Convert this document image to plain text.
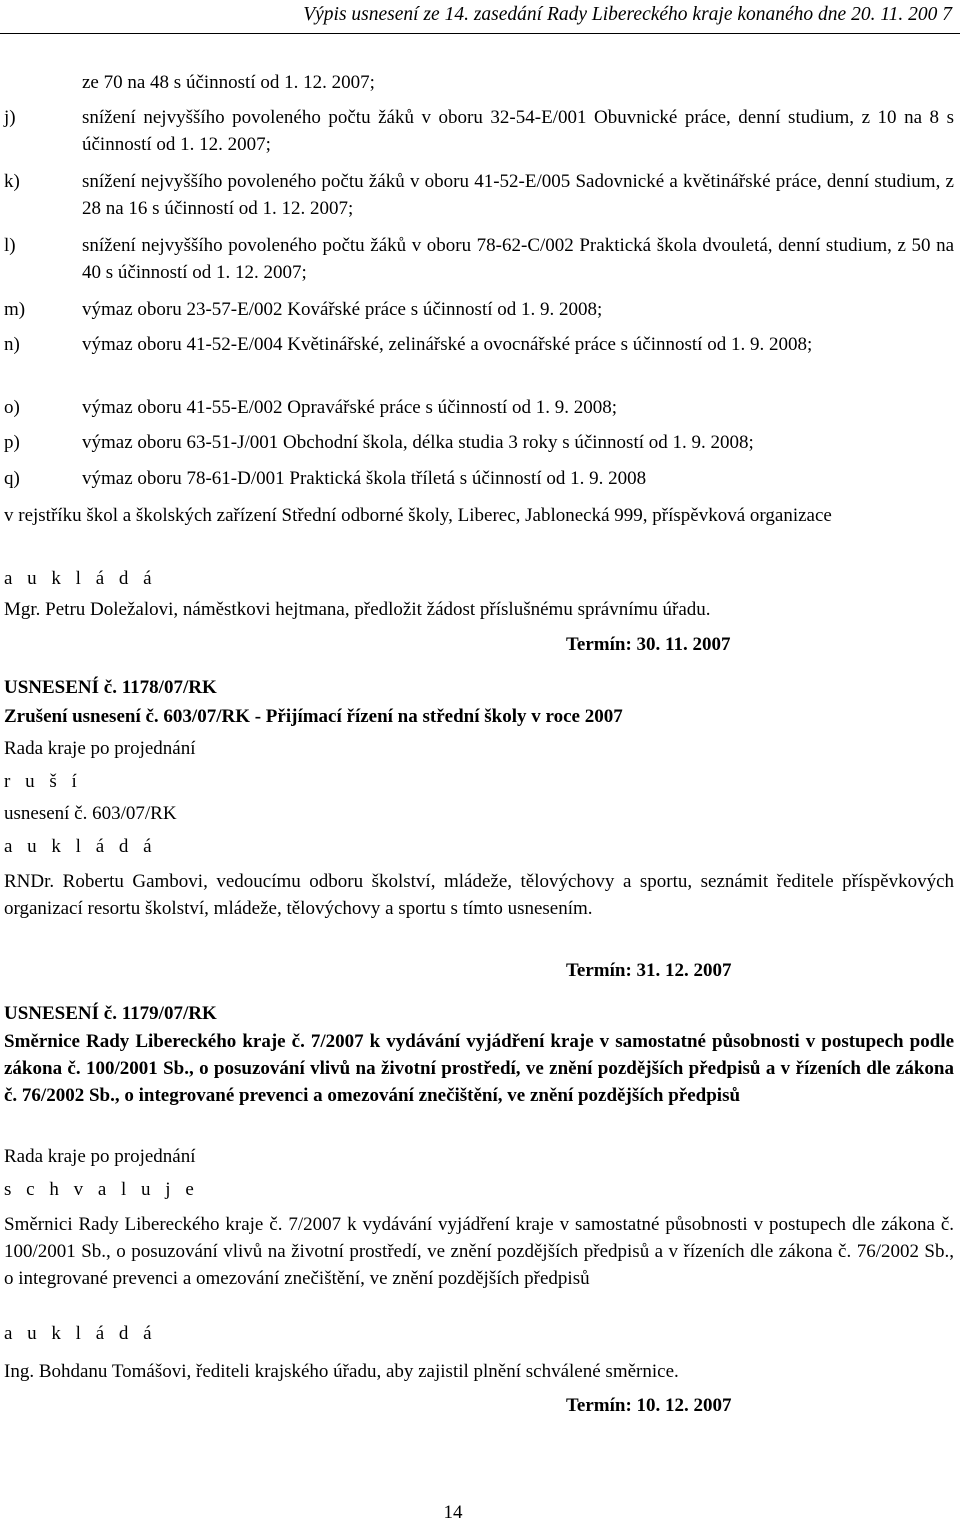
Výpis usnesení ze 14. zasedání Rady Libereckého kraje konaného dne 20. 11. 200 7
ze 70 na 48 s účinností od 1. 12. 2007;
j)	snížení nejvyššího povoleného počtu žáků v oboru 32-54-E/001 Obuvnické práce, denní studium, z 10 na 8 s účinností od 1. 12. 2007;
k)	snížení nejvyššího povoleného počtu žáků v oboru 41-52-E/005 Sadovnické a květinářské práce, denní studium, z 28 na 16 s účinností od 1. 12. 2007;
l)	snížení nejvyššího povoleného počtu žáků v oboru 78-62-C/002 Praktická škola dvouletá, denní studium, z 50 na 40 s účinností od 1. 12. 2007;
m)	výmaz oboru 23-57-E/002 Kovářské práce s účinností od 1. 9. 2008;
n)	výmaz oboru 41-52-E/004 Květinářské, zelinářské a ovocnářské práce s účinností od 1. 9. 2008;
o)	výmaz oboru 41-55-E/002 Opravářské práce s účinností od 1. 9. 2008;
p)	výmaz oboru 63-51-J/001 Obchodní škola, délka studia 3 roky s účinností od 1. 9. 2008;
q)	výmaz oboru 78-61-D/001 Praktická škola tříletá s účinností od 1. 9. 2008
v rejstříku škol a školských zařízení Střední odborné školy, Liberec, Jablonecká 999, příspěvková organizace
a u k l á d á
Mgr. Petru Doležalovi, náměstkovi hejtmana, předložit žádost příslušnému správnímu úřadu.
Termín: 30. 11. 2007
USNESENÍ č. 1178/07/RK
Zrušení usnesení č. 603/07/RK - Přijímací řízení na střední školy v roce 2007
Rada kraje po projednání
r u š í
usnesení č. 603/07/RK
a u k l á d á
RNDr. Robertu Gambovi, vedoucímu odboru školství, mládeže, tělovýchovy a sportu, seznámit ředitele příspěvkových organizací resortu školství, mládeže, tělovýchovy a sportu s tímto usnesením.
Termín: 31. 12. 2007
USNESENÍ č. 1179/07/RK
Směrnice Rady Libereckého kraje č. 7/2007 k vydávání vyjádření kraje v samostatné působnosti v postupech podle zákona č. 100/2001 Sb., o posuzování vlivů na životní prostředí, ve znění pozdějších předpisů a v řízeních dle zákona č. 76/2002 Sb., o integrované prevenci a omezování znečištění, ve znění pozdějších předpisů
Rada kraje po projednání
s c h v a l u j e
Směrnici Rady Libereckého kraje č. 7/2007 k vydávání vyjádření kraje v samostatné působnosti v postupech dle zákona č. 100/2001 Sb., o posuzování vlivů na životní prostředí, ve znění pozdějších předpisů a v řízeních dle zákona č. 76/2002 Sb., o integrované prevenci a omezování znečištění, ve znění pozdějších předpisů
a u k l á d á
Ing. Bohdanu Tomášovi, řediteli krajského úřadu, aby zajistil plnění schválené směrnice.
Termín: 10. 12. 2007
14
